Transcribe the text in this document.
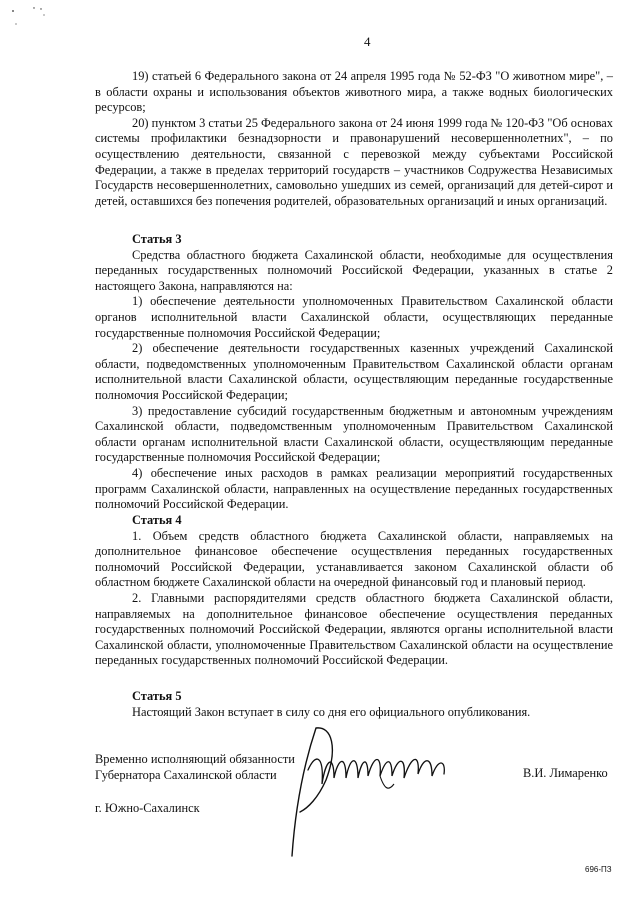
4

19) статьей 6 Федерального закона от 24 апреля 1995 года № 52-ФЗ "О животном мире", – в области охраны и использования объектов животного мира, а также водных биологических ресурсов;

20) пунктом 3 статьи 25 Федерального закона от 24 июня 1999 года № 120-ФЗ "Об основах системы профилактики безнадзорности и правонарушений несовершеннолетних", – по осуществлению деятельности, связанной с перевозкой между субъектами Российской Федерации, а также в пределах территорий государств – участников Содружества Независимых Государств несовершеннолетних, самовольно ушедших из семей, организаций для детей-сирот и детей, оставшихся без попечения родителей, образовательных организаций и иных организаций.

Статья 3

Средства областного бюджета Сахалинской области, необходимые для осуществления переданных государственных полномочий Российской Федерации, указанных в статье 2 настоящего Закона, направляются на:

1) обеспечение деятельности уполномоченных Правительством Сахалинской области органов исполнительной власти Сахалинской области, осуществляющих переданные государственные полномочия Российской Федерации;

2) обеспечение деятельности государственных казенных учреждений Сахалинской области, подведомственных уполномоченным Правительством Сахалинской области органам исполнительной власти Сахалинской области, осуществляющим переданные государственные полномочия Российской Федерации;

3) предоставление субсидий государственным бюджетным и автономным учреждениям Сахалинской области, подведомственным уполномоченным Правительством Сахалинской области органам исполнительной власти Сахалинской области, осуществляющим переданные государственные полномочия Российской Федерации;

4) обеспечение иных расходов в рамках реализации мероприятий государственных программ Сахалинской области, направленных на осуществление переданных государственных полномочий Российской Федерации.

Статья 4

1. Объем средств областного бюджета Сахалинской области, направляемых на дополнительное финансовое обеспечение осуществления переданных государственных полномочий Российской Федерации, устанавливается законом Сахалинской области об областном бюджете Сахалинской области на очередной финансовый год и плановый период.

2. Главными распорядителями средств областного бюджета Сахалинской области, направляемых на дополнительное финансовое обеспечение осуществления переданных государственных полномочий Российской Федерации, являются органы исполнительной власти Сахалинской области, уполномоченные Правительством Сахалинской области на осуществление переданных государственных полномочий Российской Федерации.

Статья 5

Настоящий Закон вступает в силу со дня его официального опубликования.

Временно исполняющий обязанности
Губернатора Сахалинской области	В.И. Лимаренко
г. Южно-Сахалинск
696-ПЗ
